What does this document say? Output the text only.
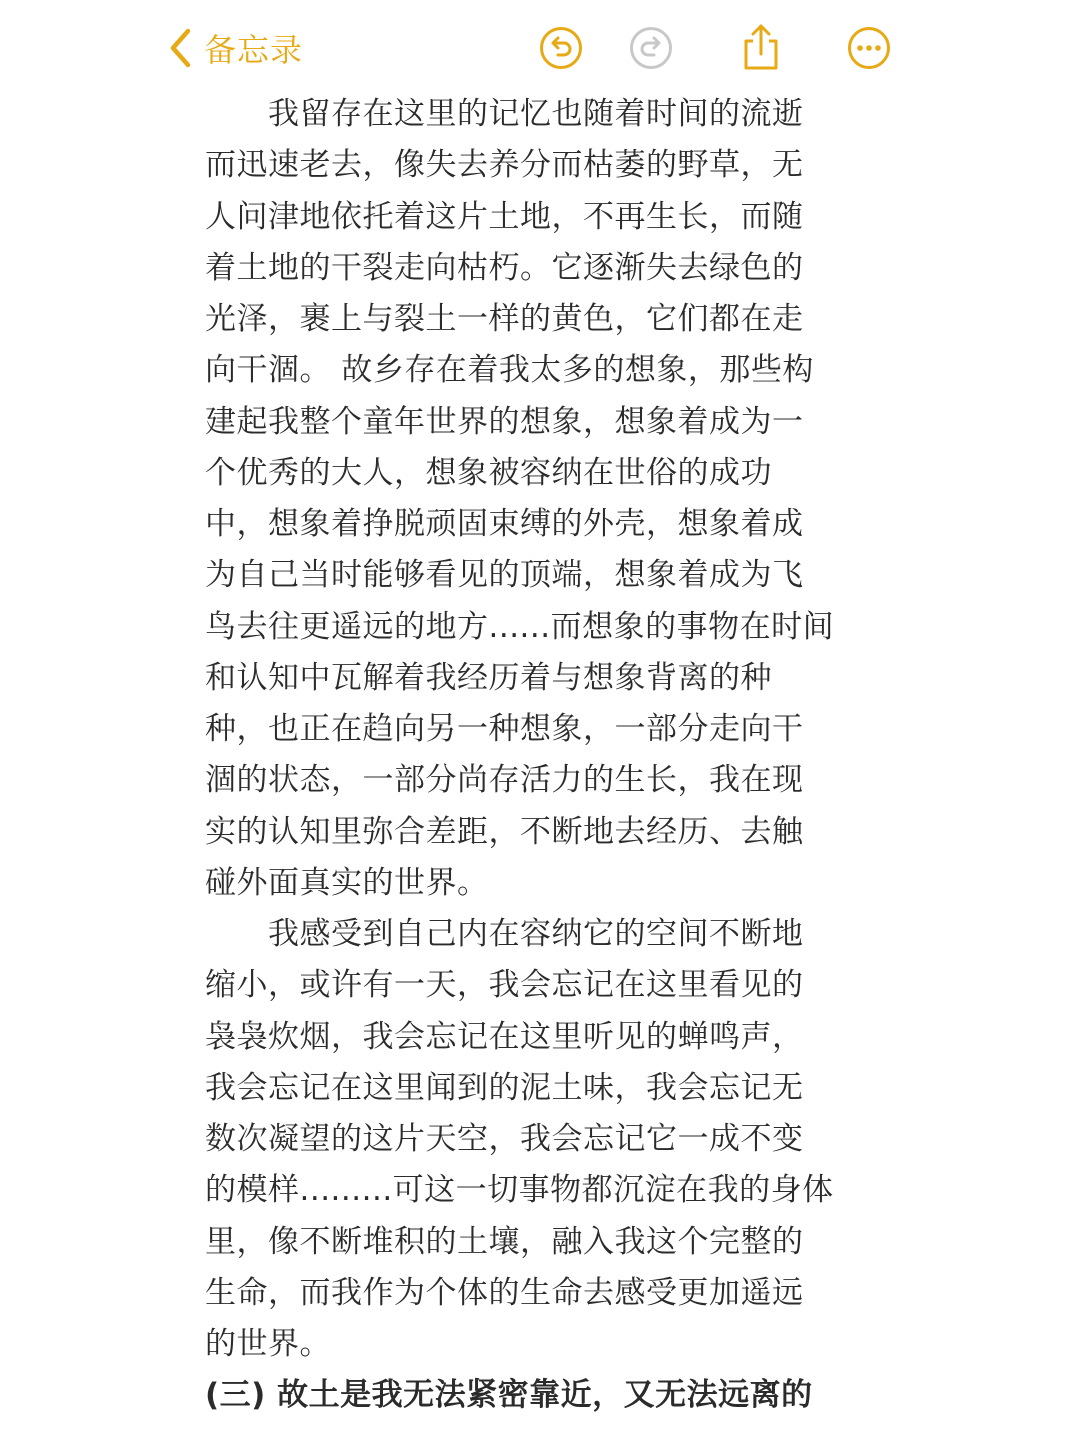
备忘录
　　我留存在这里的记忆也随着时间的流逝
而迅速老去，像失去养分而枯萎的野草，无
人问津地依托着这片土地，不再生长，而随
着土地的干裂走向枯朽。它逐渐失去绿色的
光泽，裹上与裂土一样的黄色，它们都在走
向干涸。 故乡存在着我太多的想象，那些构
建起我整个童年世界的想象，想象着成为一
个优秀的大人，想象被容纳在世俗的成功
中，想象着挣脱顽固束缚的外壳，想象着成
为自己当时能够看见的顶端，想象着成为飞
鸟去往更遥远的地方......而想象的事物在时间
和认知中瓦解着我经历着与想象背离的种
种，也正在趋向另一种想象，一部分走向干
涸的状态，一部分尚存活力的生长，我在现
实的认知里弥合差距，不断地去经历、去触
碰外面真实的世界。
　　我感受到自己内在容纳它的空间不断地
缩小，或许有一天，我会忘记在这里看见的
袅袅炊烟，我会忘记在这里听见的蝉鸣声，
我会忘记在这里闻到的泥土味，我会忘记无
数次凝望的这片天空，我会忘记它一成不变
的模样.........可这一切事物都沉淀在我的身体
里，像不断堆积的土壤，融入我这个完整的
生命，而我作为个体的生命去感受更加遥远
的世界。
(三) 故土是我无法紧密靠近，又无法远离的
